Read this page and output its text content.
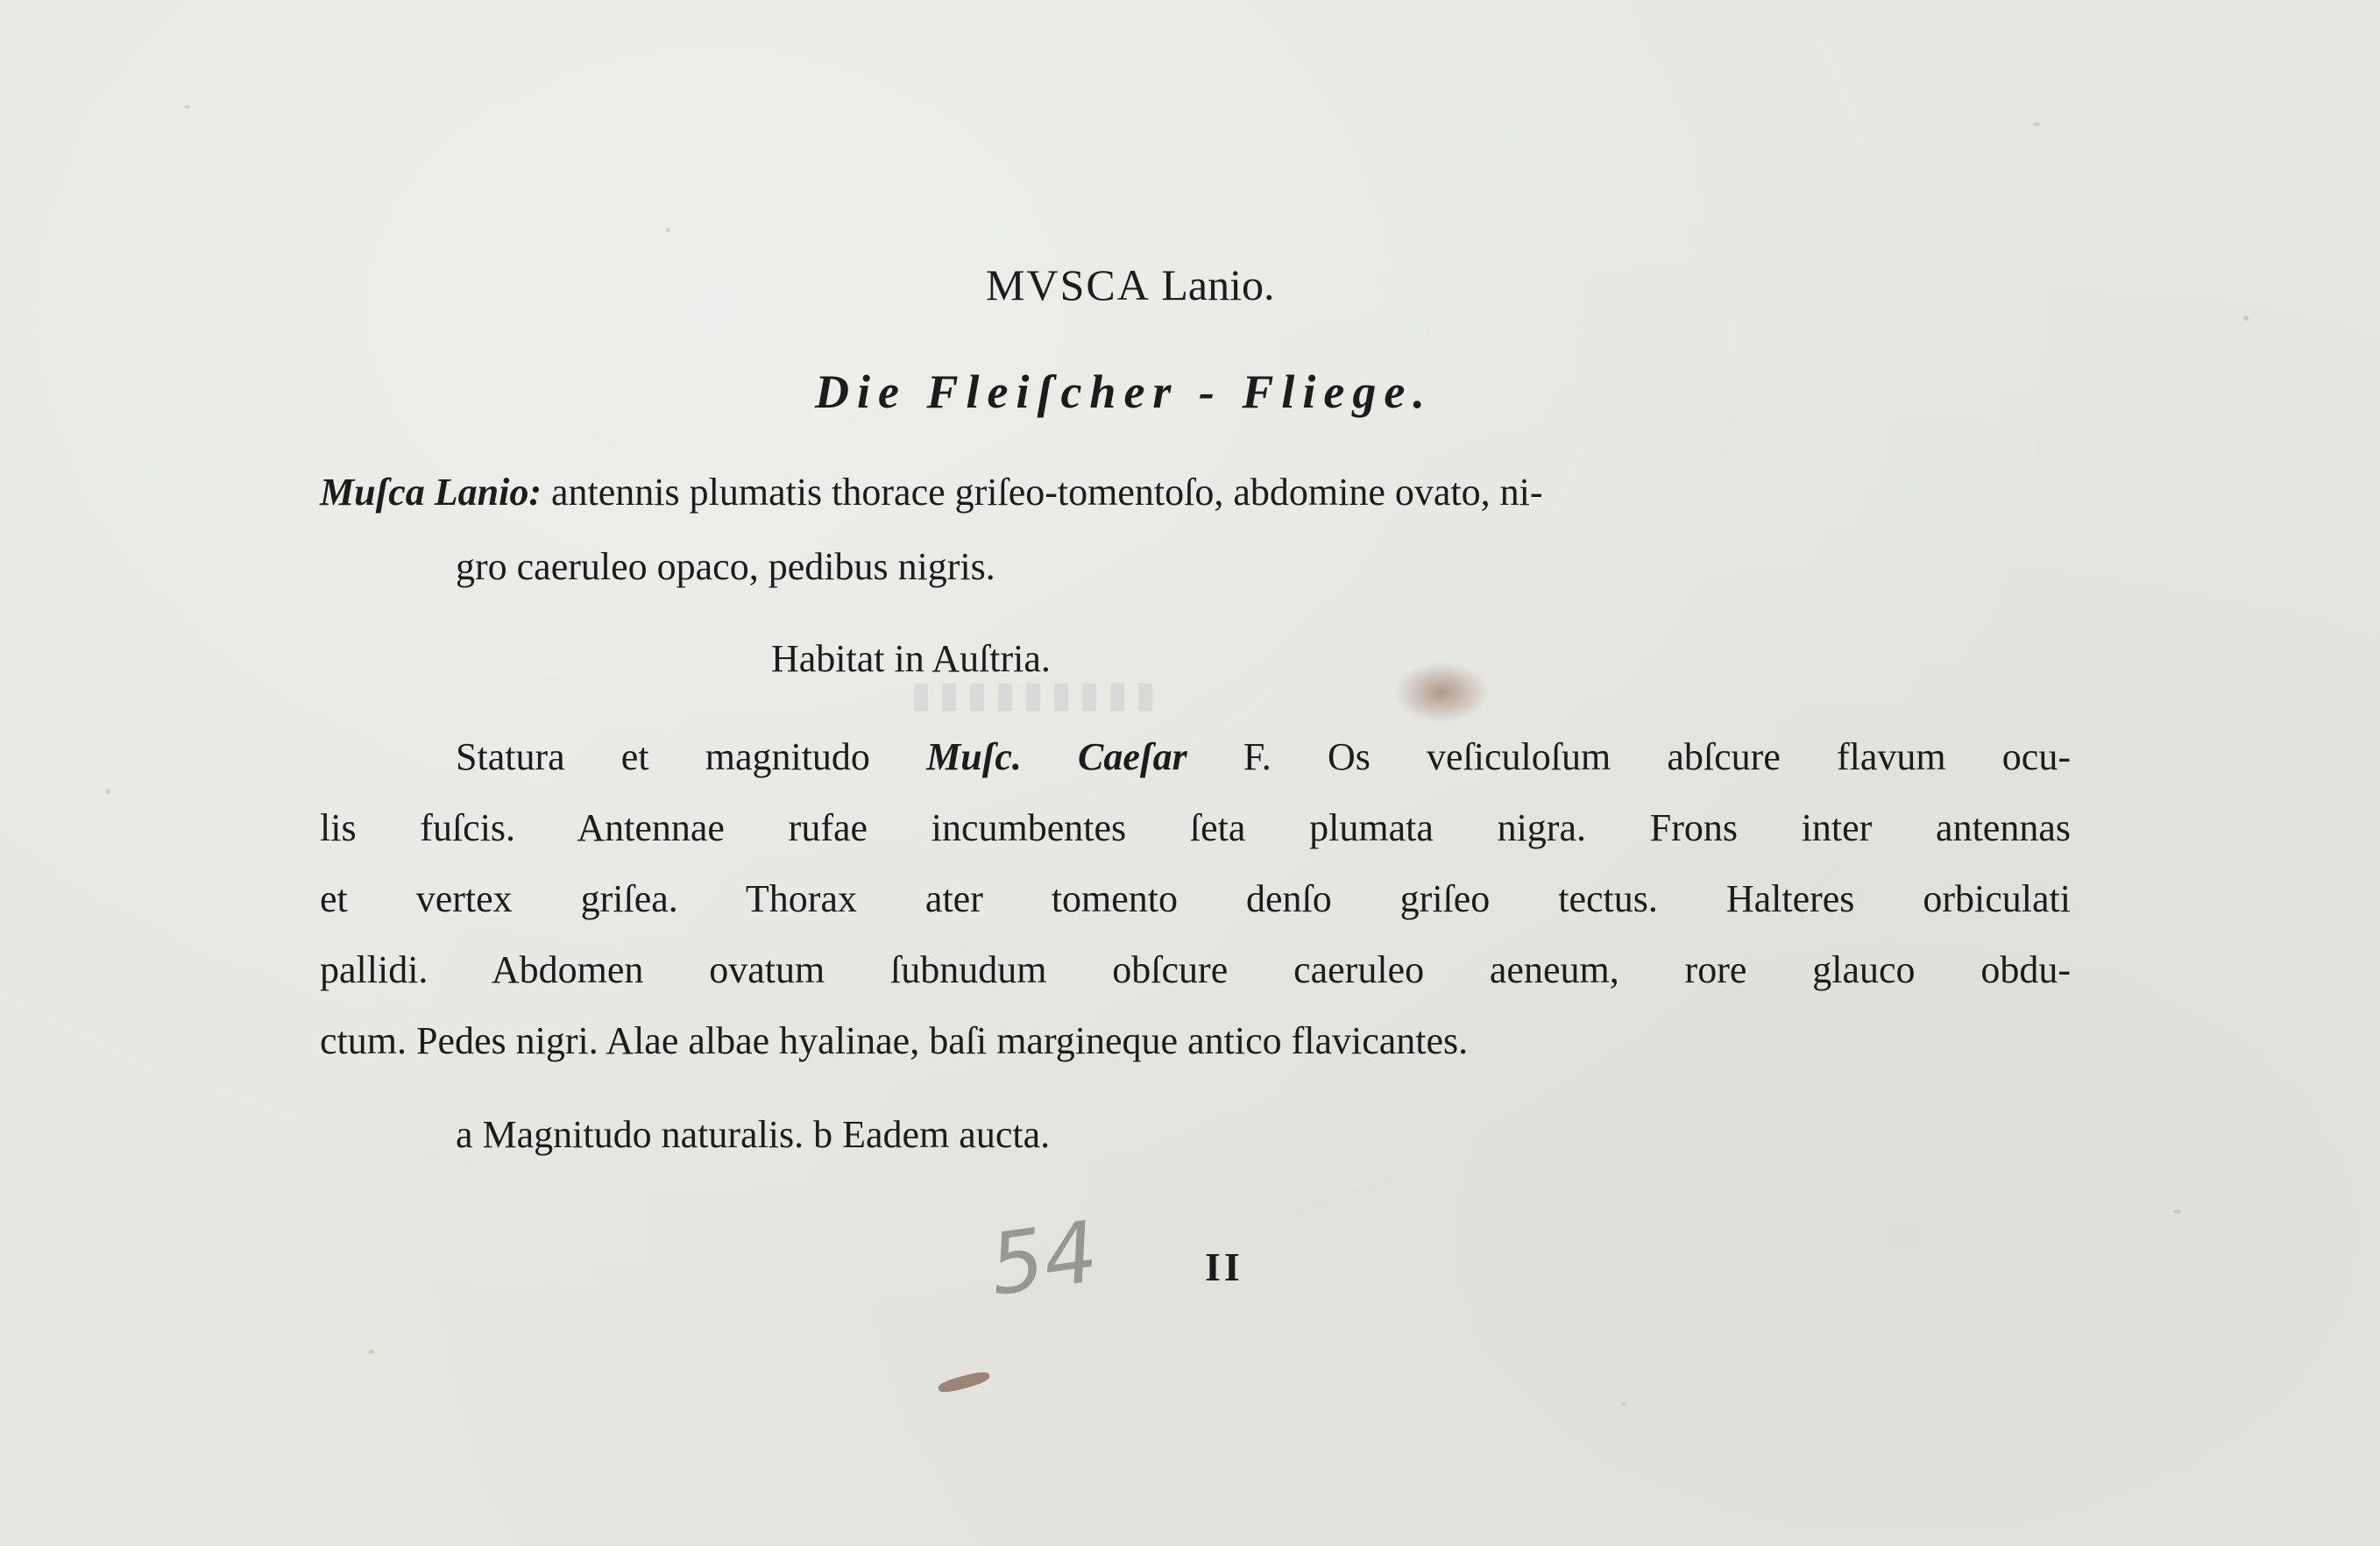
▮▮▮▮▮▮▮▮▮
MVSCA Lanio.
Die Fleiſcher - Fliege.
Muſca Lanio: antennis plumatis thorace griſeo-tomentoſo, abdomine ovato, ni-
gro caeruleo opaco, pedibus nigris.
Habitat in Auſtria.
Statura et magnitudo Muſc. Caeſar F. Os veſiculoſum abſcure flavum ocu-
lis fuſcis. Antennae rufae incumbentes ſeta plumata nigra. Frons inter antennas
et vertex griſea. Thorax ater tomento denſo griſeo tectus. Halteres orbiculati
pallidi. Abdomen ovatum ſubnudum obſcure caeruleo aeneum, rore glauco obdu-
ctum. Pedes nigri. Alae albae hyalinae, baſi margineque antico flavicantes.
a Magnitudo naturalis. b Eadem aucta.
54	II
